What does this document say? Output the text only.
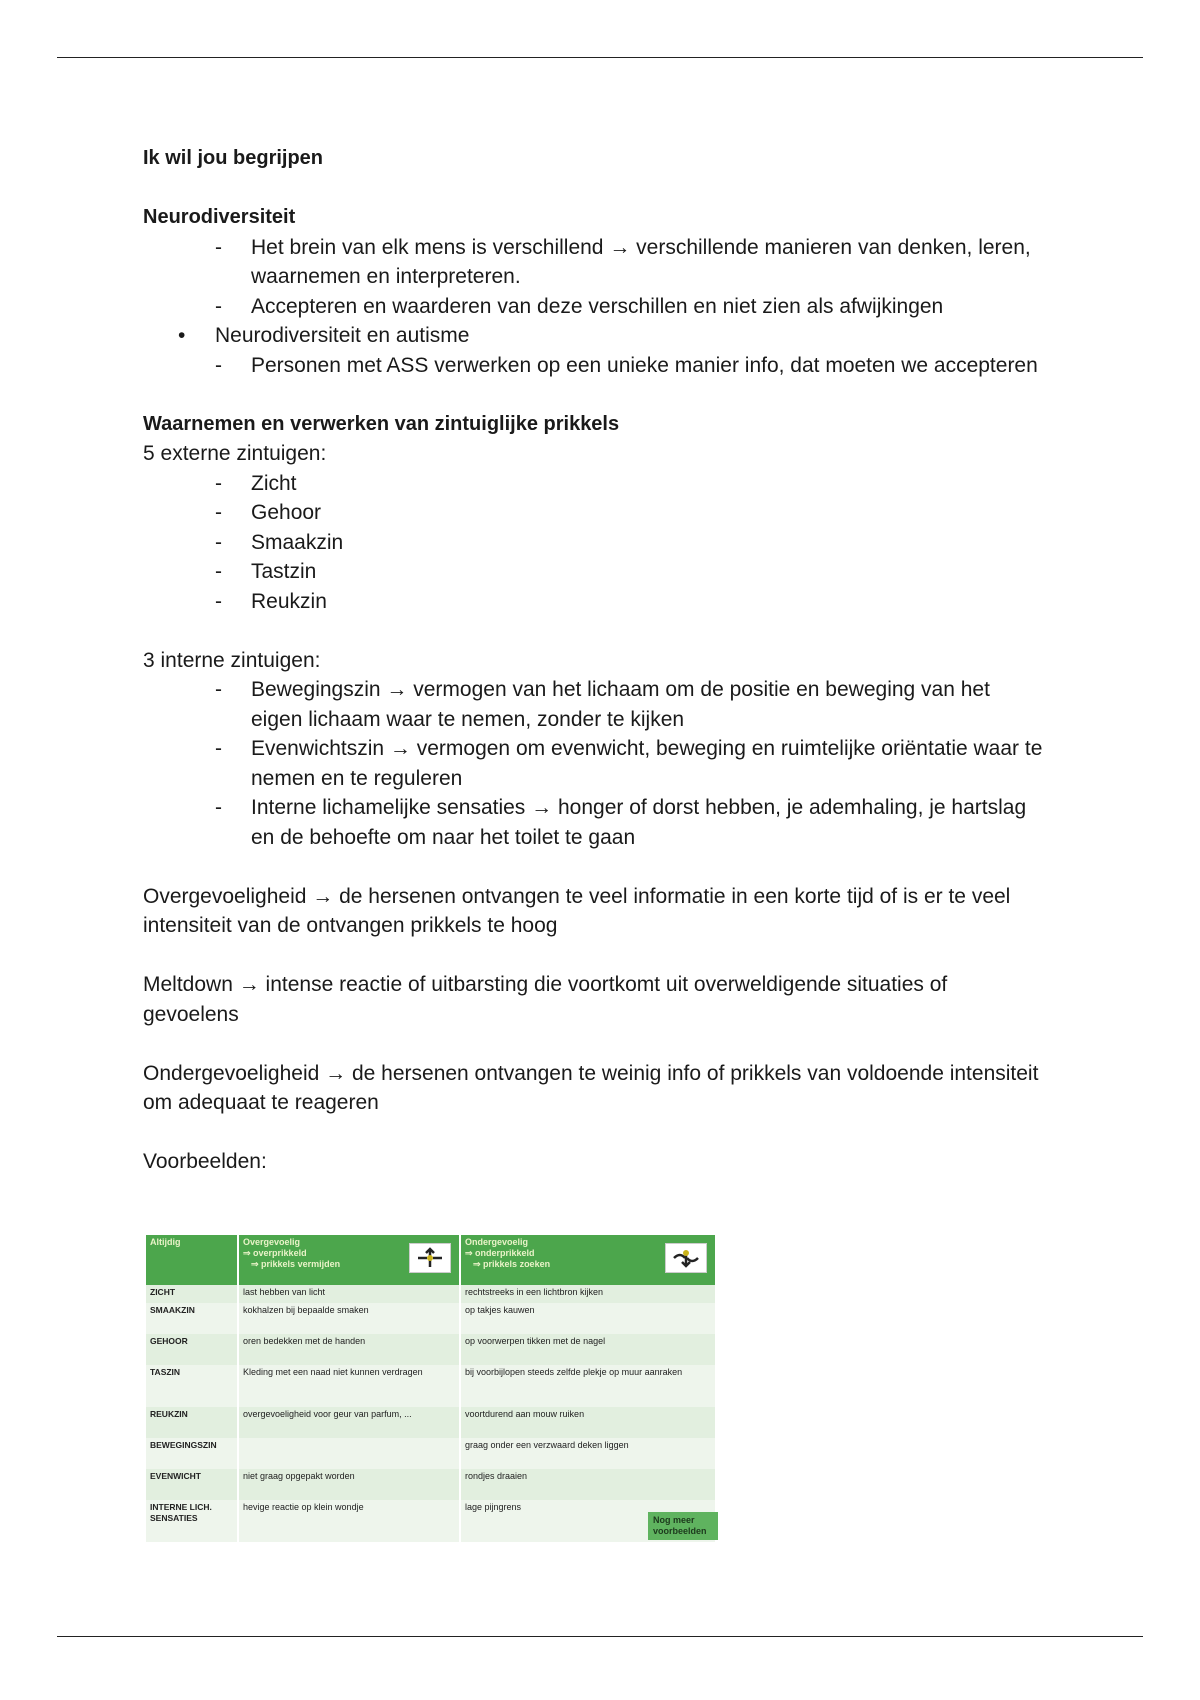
Ik wil jou begrijpen

Neurodiversiteit

- Het brein van elk mens is verschillend → verschillende manieren van denken, leren, waarnemen en interpreteren.
- Accepteren en waarderen van deze verschillen en niet zien als afwijkingen

• Neurodiversiteit en autisme

- Personen met ASS verwerken op een unieke manier info, dat moeten we accepteren

Waarnemen en verwerken van zintuiglijke prikkels

5 externe zintuigen:

- Zicht
- Gehoor
- Smaakzin
- Tastzin
- Reukzin

3 interne zintuigen:

- Bewegingszin → vermogen van het lichaam om de positie en beweging van het eigen lichaam waar te nemen, zonder te kijken
- Evenwichtszin → vermogen om evenwicht, beweging en ruimtelijke oriëntatie waar te nemen en te reguleren
- Interne lichamelijke sensaties → honger of dorst hebben, je ademhaling, je hartslag en de behoefte om naar het toilet te gaan

Overgevoeligheid → de hersenen ontvangen te veel informatie in een korte tijd of is er te veel intensiteit van de ontvangen prikkels te hoog

Meltdown → intense reactie of uitbarsting die voortkomt uit overweldigende situaties of gevoelens

Ondergevoeligheid → de hersenen ontvangen te weinig info of prikkels van voldoende intensiteit om adequaat te reageren

Voorbeelden:

Altijdig	Overgevoelig
⇒ overprikkeld
⇒ prikkels vermijden	Ondergevoelig
⇒ onderprikkeld
⇒ prikkels zoeken

ZICHT	last hebben van licht	rechtstreeks in een lichtbron kijken
SMAAKZIN	kokhalzen bij bepaalde smaken	op takjes kauwen
GEHOOR	oren bedekken met de handen	op voorwerpen tikken met de nagel
TASZIN	Kleding met een naad niet kunnen verdragen	bij voorbijlopen steeds zelfde plekje op muur aanraken
REUKZIN	overgevoeligheid voor geur van parfum, ...	voortdurend aan mouw ruiken
BEWEGINGSZIN		graag onder een verzwaard deken liggen
EVENWICHT	niet graag opgepakt worden	rondjes draaien
INTERNE LICH. SENSATIES	hevige reactie op klein wondje	lage pijngrens
Nog meer voorbeelden
